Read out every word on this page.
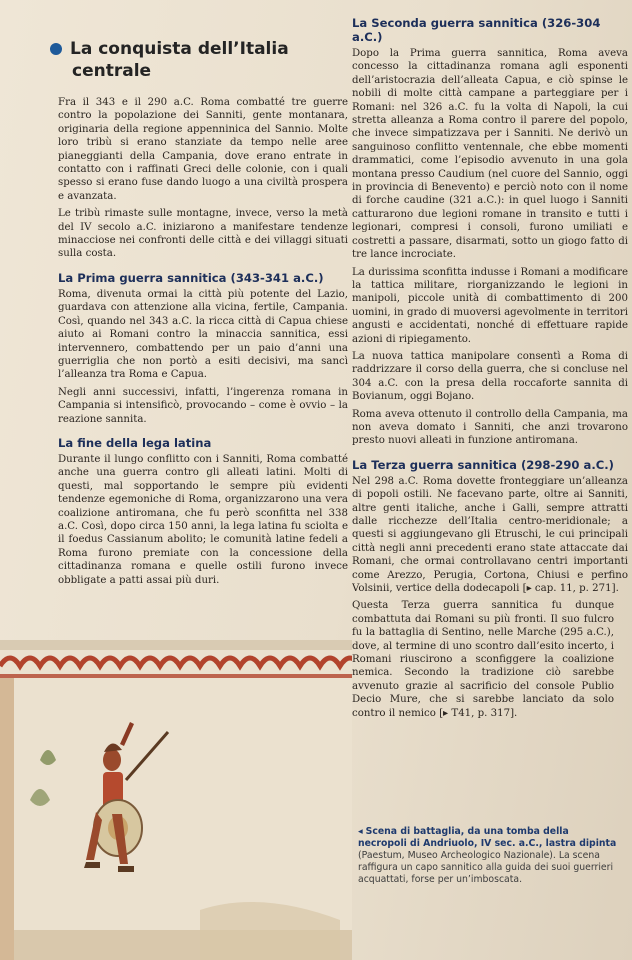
La conquista dell’Italia
centrale

Fra il 343 e il 290 a.C. Roma combatté tre guerre contro la popolazione dei Sanniti, gente montanara, originaria della regione appenninica del Sannio. Molte loro tribù si erano stanziate da tempo nelle aree pianeggianti della Campania, dove erano entrate in contatto con i raffinati Greci delle colonie, con i quali spesso si erano fuse dando luogo a una civiltà prospera e avanzata.

Le tribù rimaste sulle montagne, invece, verso la metà del IV secolo a.C. iniziarono a manifestare tendenze minacciose nei confronti delle città e dei villaggi situati sulla costa.

La Prima guerra sannitica (343-341 a.C.)

Roma, divenuta ormai la città più potente del Lazio, guardava con attenzione alla vicina, fertile, Campania. Così, quando nel 343 a.C. la ricca città di Capua chiese aiuto ai Romani contro la minaccia sannitica, essi intervennero, combattendo per un paio d’anni una guerriglia che non portò a esiti decisivi, ma sancì l’alleanza tra Roma e Capua.

Negli anni successivi, infatti, l’ingerenza romana in Campania si intensificò, provocando – come è ovvio – la reazione sannita.

La fine della lega latina

Durante il lungo conflitto con i Sanniti, Roma combatté anche una guerra contro gli alleati latini. Molti di questi, mal sopportando le sempre più evidenti tendenze egemoniche di Roma, organizzarono una vera coalizione antiromana, che fu però sconfitta nel 338 a.C. Così, dopo circa 150 anni, la lega latina fu sciolta e il foedus Cassianum abolito; le comunità latine fedeli a Roma furono premiate con la concessione della cittadinanza romana e quelle ostili furono invece obbligate a patti assai più duri.

La Seconda guerra sannitica (326-304 a.C.)

Dopo la Prima guerra sannitica, Roma aveva concesso la cittadinanza romana agli esponenti dell’aristocrazia dell’alleata Capua, e ciò spinse le nobili di molte città campane a parteggiare per i Romani: nel 326 a.C. fu la volta di Napoli, la cui stretta alleanza a Roma contro il parere del popolo, che invece simpatizzava per i Sanniti. Ne derivò un sanguinoso conflitto ventennale, che ebbe momenti drammatici, come l’episodio avvenuto in una gola montana presso Caudium (nel cuore del Sannio, oggi in provincia di Benevento) e perciò noto con il nome di forche caudine (321 a.C.): in quel luogo i Sanniti catturarono due legioni romane in transito e tutti i legionari, compresi i consoli, furono umiliati e costretti a passare, disarmati, sotto un giogo fatto di tre lance incrociate.

La durissima sconfitta indusse i Romani a modificare la tattica militare, riorganizzando le legioni in manipoli, piccole unità di combattimento di 200 uomini, in grado di muoversi agevolmente in territori angusti e accidentati, nonché di effettuare rapide azioni di ripiegamento.

La nuova tattica manipolare consentì a Roma di raddrizzare il corso della guerra, che si concluse nel 304 a.C. con la presa della roccaforte sannita di Bovianum, oggi Bojano.

Roma aveva ottenuto il controllo della Campania, ma non aveva domato i Sanniti, che anzi trovarono presto nuovi alleati in funzione antiromana.

La Terza guerra sannitica (298-290 a.C.)

Nel 298 a.C. Roma dovette fronteggiare un’alleanza di popoli ostili. Ne facevano parte, oltre ai Sanniti, altre genti italiche, anche i Galli, sempre attratti dalle ricchezze dell’Italia centro-meridionale; a questi si aggiungevano gli Etruschi, le cui principali città negli anni precedenti erano state attaccate dai Romani, che ormai controllavano centri importanti come Arezzo, Perugia, Cortona, Chiusi e perfino Volsinii, vertice della dodecapoli [▸ cap. 11, p. 271].

Questa Terza guerra sannitica fu dunque combattuta dai Romani su più fronti. Il suo fulcro fu la battaglia di Sentino, nelle Marche (295 a.C.), dove, al termine di uno scontro dall’esito incerto, i Romani riuscirono a sconfiggere la coalizione nemica. Secondo la tradizione ciò sarebbe avvenuto grazie al sacrificio del console Publio Decio Mure, che si sarebbe lanciato da solo contro il nemico [▸ T41, p. 317].

◂ Scena di battaglia, da una tomba della necropoli di Andriuolo, IV sec. a.C., lastra dipinta (Paestum, Museo Archeologico Nazionale). La scena raffigura un capo sannitico alla guida dei suoi guerrieri acquattati, forse per un’imboscata.
